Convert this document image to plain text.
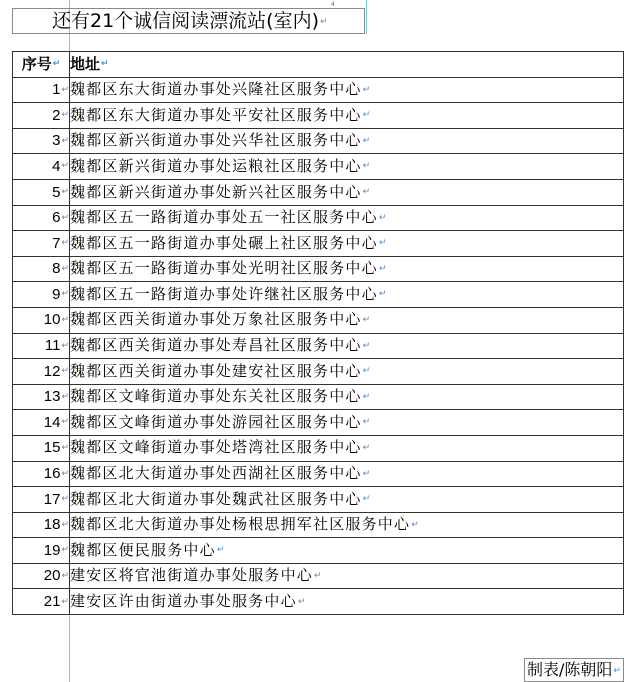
还有21个诚信阅读漂流站(室内)↵
4
序号↵	地址↵
1↵	魏都区东大街道办事处兴隆社区服务中心↵
2↵	魏都区东大街道办事处平安社区服务中心↵
3↵	魏都区新兴街道办事处兴华社区服务中心↵
4↵	魏都区新兴街道办事处运粮社区服务中心↵
5↵	魏都区新兴街道办事处新兴社区服务中心↵
6↵	魏都区五一路街道办事处五一社区服务中心↵
7↵	魏都区五一路街道办事处碾上社区服务中心↵
8↵	魏都区五一路街道办事处光明社区服务中心↵
9↵	魏都区五一路街道办事处许继社区服务中心↵
10↵	魏都区西关街道办事处万象社区服务中心↵
11↵	魏都区西关街道办事处寿昌社区服务中心↵
12↵	魏都区西关街道办事处建安社区服务中心↵
13↵	魏都区文峰街道办事处东关社区服务中心↵
14↵	魏都区文峰街道办事处游园社区服务中心↵
15↵	魏都区文峰街道办事处塔湾社区服务中心↵
16↵	魏都区北大街道办事处西湖社区服务中心↵
17↵	魏都区北大街道办事处魏武社区服务中心↵
18↵	魏都区北大街道办事处杨根思拥军社区服务中心↵
19↵	魏都区便民服务中心↵
20↵	建安区将官池街道办事处服务中心↵
21↵	建安区许由街道办事处服务中心↵
制表/陈朝阳↵
